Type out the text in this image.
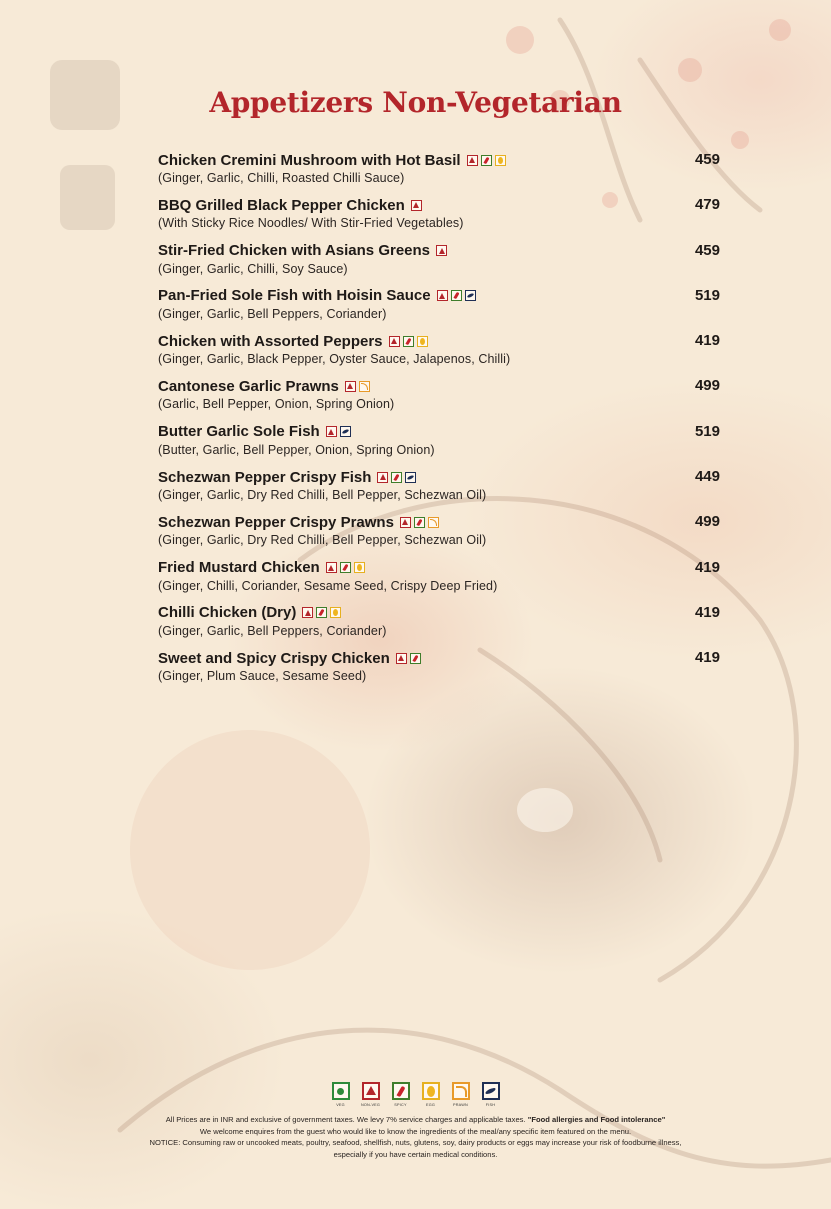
Appetizers Non-Vegetarian
Chicken Cremini Mushroom with Hot Basil	459
(Ginger, Garlic, Chilli, Roasted Chilli Sauce)
BBQ Grilled Black Pepper Chicken	479
(With Sticky Rice Noodles/ With Stir-Fried Vegetables)
Stir-Fried Chicken with Asians Greens	459
(Ginger, Garlic, Chilli, Soy Sauce)
Pan-Fried Sole Fish with Hoisin Sauce	519
(Ginger, Garlic, Bell Peppers, Coriander)
Chicken with Assorted Peppers	419
(Ginger, Garlic, Black Pepper, Oyster Sauce, Jalapenos, Chilli)
Cantonese Garlic Prawns	499
(Garlic, Bell Pepper, Onion, Spring Onion)
Butter Garlic Sole Fish	519
(Butter, Garlic, Bell Pepper, Onion, Spring Onion)
Schezwan Pepper Crispy Fish	449
(Ginger, Garlic, Dry Red Chilli, Bell Pepper, Schezwan Oil)
Schezwan Pepper Crispy Prawns	499
(Ginger, Garlic, Dry Red Chilli, Bell Pepper, Schezwan Oil)
Fried Mustard Chicken	419
(Ginger, Chilli, Coriander, Sesame Seed, Crispy Deep Fried)
Chilli Chicken (Dry)	419
(Ginger, Garlic, Bell Peppers, Coriander)
Sweet and Spicy Crispy Chicken	419
(Ginger, Plum Sauce, Sesame Seed)
VEG	NON-VEG	SPICY	EGG	PRAWN	FISH
All Prices are in INR and exclusive of government taxes. We levy 7% service charges and applicable taxes. "Food allergies and Food intolerance"
We welcome enquires from the guest who would like to know the ingredients of the meal/any specific item featured on the menu.
NOTICE: Consuming raw or uncooked meats, poultry, seafood, shellfish, nuts, glutens, soy, dairy products or eggs may increase your risk of foodburne illness,
especially if you have certain medical conditions.
